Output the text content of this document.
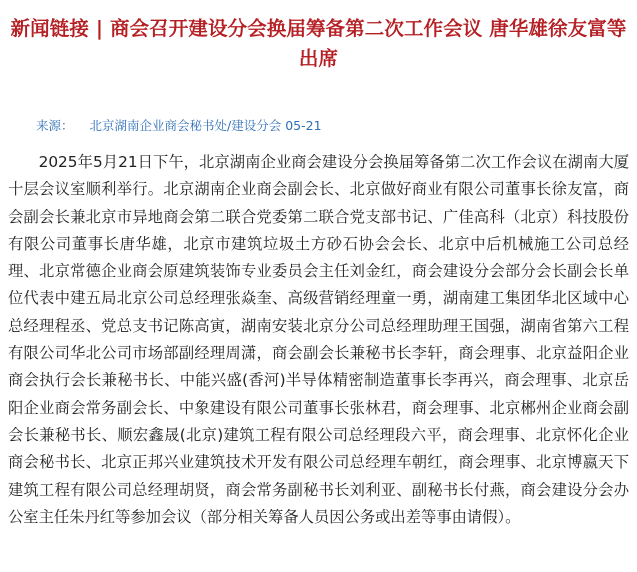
新闻链接 | 商会召开建设分会换届筹备第二次工作会议 唐华雄徐友富等出席
来源： 北京湖南企业商会秘书处/建设分会 05-21

2025年5月21日下午，北京湖南企业商会建设分会换届筹备第二次工作会议在湖南大厦十层会议室顺利举行。北京湖南企业商会副会长、北京做好商业有限公司董事长徐友富，商会副会长兼北京市异地商会第二联合党委第二联合党支部书记、广佳高科（北京）科技股份有限公司董事长唐华雄，北京市建筑垃圾土方砂石协会会长、北京中后机械施工公司总经理、北京常德企业商会原建筑装饰专业委员会主任刘金红，商会建设分会部分会长副会长单位代表中建五局北京公司总经理张焱奎、高级营销经理童一勇，湖南建工集团华北区域中心总经理程丞、党总支书记陈高寅，湖南安装北京分公司总经理助理王国强，湖南省第六工程有限公司华北公司市场部副经理周潇，商会副会长兼秘书长李轩，商会理事、北京益阳企业商会执行会长兼秘书长、中能兴盛(香河)半导体精密制造董事长李再兴，商会理事、北京岳阳企业商会常务副会长、中象建设有限公司董事长张林君，商会理事、北京郴州企业商会副会长兼秘书长、顺宏鑫晟(北京)建筑工程有限公司总经理段六平，商会理事、北京怀化企业商会秘书长、北京正邦兴业建筑技术开发有限公司总经理车朝红，商会理事、北京博嬴天下建筑工程有限公司总经理胡贤，商会常务副秘书长刘利亚、副秘书长付燕，商会建设分会办公室主任朱丹红等参加会议（部分相关筹备人员因公务或出差等事由请假）。
